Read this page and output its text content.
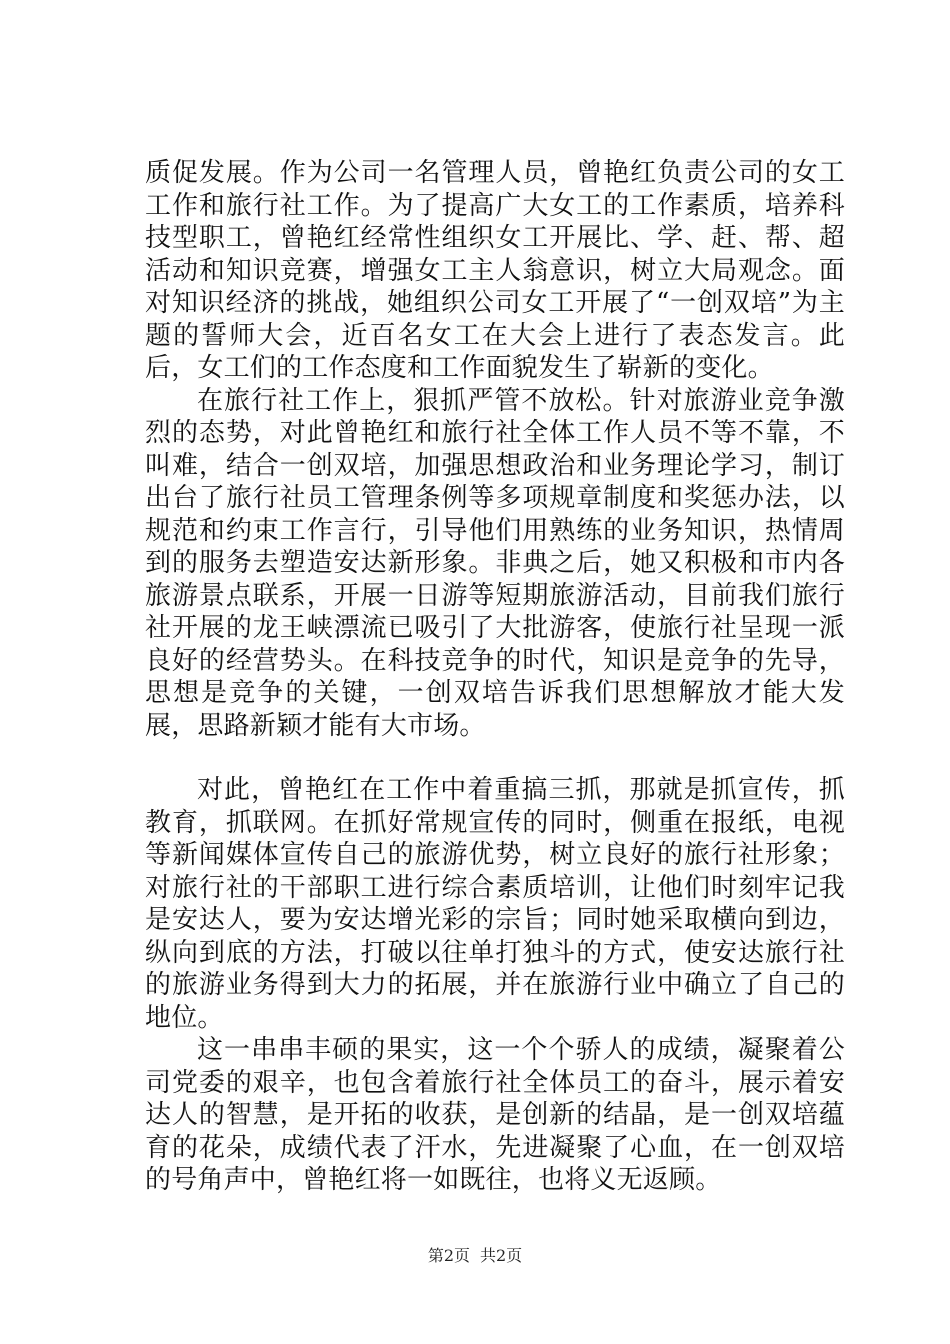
质促发展。作为公司一名管理人员，曾艳红负责公司的女工工作和旅行社工作。为了提高广大女工的工作素质，培养科技型职工，曾艳红经常性组织女工开展比、学、赶、帮、超活动和知识竞赛，增强女工主人翁意识，树立大局观念。面对知识经济的挑战，她组织公司女工开展了“一创双培”为主题的誓师大会，近百名女工在大会上进行了表态发言。此后，女工们的工作态度和工作面貌发生了崭新的变化。

在旅行社工作上，狠抓严管不放松。针对旅游业竞争激烈的态势，对此曾艳红和旅行社全体工作人员不等不靠，不叫难，结合一创双培，加强思想政治和业务理论学习，制订出台了旅行社员工管理条例等多项规章制度和奖惩办法，以规范和约束工作言行，引导他们用熟练的业务知识，热情周到的服务去塑造安达新形象。非典之后，她又积极和市内各旅游景点联系，开展一日游等短期旅游活动，目前我们旅行社开展的龙王峡漂流已吸引了大批游客，使旅行社呈现一派良好的经营势头。在科技竞争的时代，知识是竞争的先导，思想是竞争的关键，一创双培告诉我们思想解放才能大发展，思路新颖才能有大市场。

对此，曾艳红在工作中着重搞三抓，那就是抓宣传，抓教育，抓联网。在抓好常规宣传的同时，侧重在报纸，电视等新闻媒体宣传自己的旅游优势，树立良好的旅行社形象；对旅行社的干部职工进行综合素质培训，让他们时刻牢记我是安达人，要为安达增光彩的宗旨；同时她采取横向到边，纵向到底的方法，打破以往单打独斗的方式，使安达旅行社的旅游业务得到大力的拓展，并在旅游行业中确立了自己的地位。

这一串串丰硕的果实，这一个个骄人的成绩，凝聚着公司党委的艰辛，也包含着旅行社全体员工的奋斗，展示着安达人的智慧，是开拓的收获，是创新的结晶，是一创双培蕴育的花朵，成绩代表了汗水，先进凝聚了心血，在一创双培的号角声中，曾艳红将一如既往，也将义无返顾。

第2页 共2页
